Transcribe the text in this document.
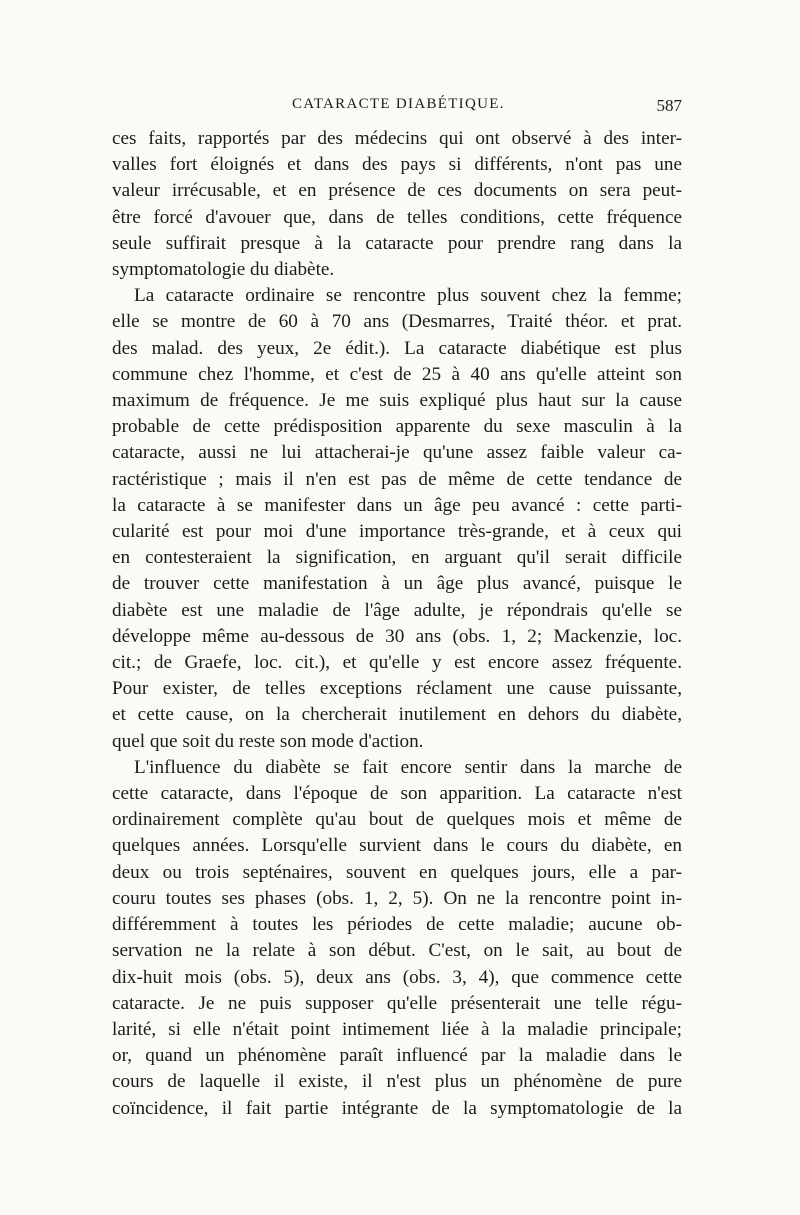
CATARACTE DIABÉTIQUE.	587
ces faits, rapportés par des médecins qui ont observé à des inter-
valles fort éloignés et dans des pays si différents, n'ont pas une
valeur irrécusable, et en présence de ces documents on sera peut-
être forcé d'avouer que, dans de telles conditions, cette fréquence
seule suffirait presque à la cataracte pour prendre rang dans la
symptomatologie du diabète.
La cataracte ordinaire se rencontre plus souvent chez la femme;
elle se montre de 60 à 70 ans (Desmarres, Traité théor. et prat.
des malad. des yeux, 2e édit.). La cataracte diabétique est plus
commune chez l'homme, et c'est de 25 à 40 ans qu'elle atteint son
maximum de fréquence. Je me suis expliqué plus haut sur la cause
probable de cette prédisposition apparente du sexe masculin à la
cataracte, aussi ne lui attacherai-je qu'une assez faible valeur ca-
ractéristique ; mais il n'en est pas de même de cette tendance de
la cataracte à se manifester dans un âge peu avancé : cette parti-
cularité est pour moi d'une importance très-grande, et à ceux qui
en contesteraient la signification, en arguant qu'il serait difficile
de trouver cette manifestation à un âge plus avancé, puisque le
diabète est une maladie de l'âge adulte, je répondrais qu'elle se
développe même au-dessous de 30 ans (obs. 1, 2; Mackenzie, loc.
cit.; de Graefe, loc. cit.), et qu'elle y est encore assez fréquente.
Pour exister, de telles exceptions réclament une cause puissante,
et cette cause, on la chercherait inutilement en dehors du diabète,
quel que soit du reste son mode d'action.
L'influence du diabète se fait encore sentir dans la marche de
cette cataracte, dans l'époque de son apparition. La cataracte n'est
ordinairement complète qu'au bout de quelques mois et même de
quelques années. Lorsqu'elle survient dans le cours du diabète, en
deux ou trois septénaires, souvent en quelques jours, elle a par-
couru toutes ses phases (obs. 1, 2, 5). On ne la rencontre point in-
différemment à toutes les périodes de cette maladie; aucune ob-
servation ne la relate à son début. C'est, on le sait, au bout de
dix-huit mois (obs. 5), deux ans (obs. 3, 4), que commence cette
cataracte. Je ne puis supposer qu'elle présenterait une telle régu-
larité, si elle n'était point intimement liée à la maladie principale;
or, quand un phénomène paraît influencé par la maladie dans le
cours de laquelle il existe, il n'est plus un phénomène de pure
coïncidence, il fait partie intégrante de la symptomatologie de la
